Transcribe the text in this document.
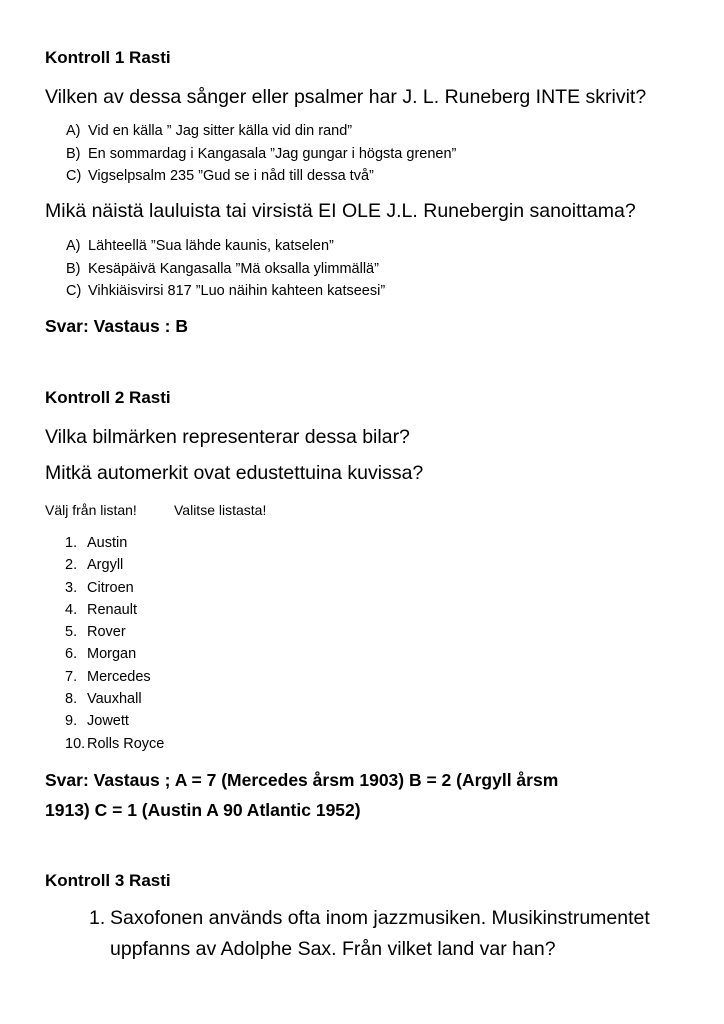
Kontroll 1 Rasti
Vilken av dessa sånger eller psalmer har J. L. Runeberg INTE skrivit?
A) Vid en källa ” Jag sitter källa vid din rand”
B) En sommardag i Kangasala ”Jag gungar i högsta grenen”
C) Vigselpsalm 235 ”Gud se i nåd till dessa två”
Mikä näistä lauluista tai virsistä EI OLE J.L. Runebergin sanoittama?
A) Lähteellä ”Sua lähde kaunis, katselen”
B) Kesäpäivä Kangasalla ”Mä oksalla ylimmällä”
C) Vihkiäisvirsi 817 ”Luo näihin kahteen katseesi”
Svar: Vastaus : B
Kontroll 2 Rasti
Vilka bilmärken representerar dessa bilar?
Mitkä automerkit ovat edustettuina kuvissa?
Välj från listan!	Valitse listasta!
1. Austin
2. Argyll
3. Citroen
4. Renault
5. Rover
6. Morgan
7. Mercedes
8. Vauxhall
9. Jowett
10. Rolls Royce
Svar: Vastaus ; A = 7 (Mercedes årsm 1903) B = 2 (Argyll årsm
1913) C = 1 (Austin A 90 Atlantic 1952)
Kontroll 3 Rasti
1. Saxofonen används ofta inom jazzmusiken. Musikinstrumentet
uppfanns av Adolphe Sax. Från vilket land var han?
